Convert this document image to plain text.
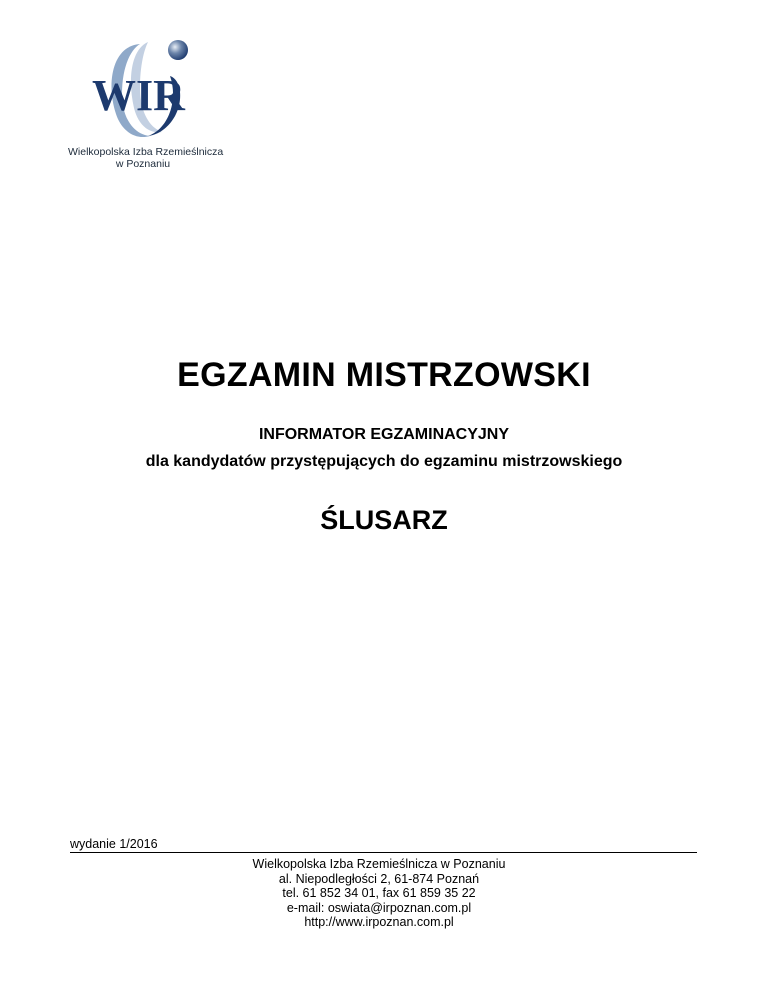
WIR
Wielkopolska Izba Rzemieślnicza
w Poznaniu
EGZAMIN MISTRZOWSKI
INFORMATOR EGZAMINACYJNY
dla kandydatów przystępujących do egzaminu mistrzowskiego
ŚLUSARZ
wydanie 1/2016
Wielkopolska Izba Rzemieślnicza w Poznaniu
al. Niepodległości 2, 61-874 Poznań
tel. 61 852 34 01, fax 61 859 35 22
e-mail: oswiata@irpoznan.com.pl
http://www.irpoznan.com.pl
